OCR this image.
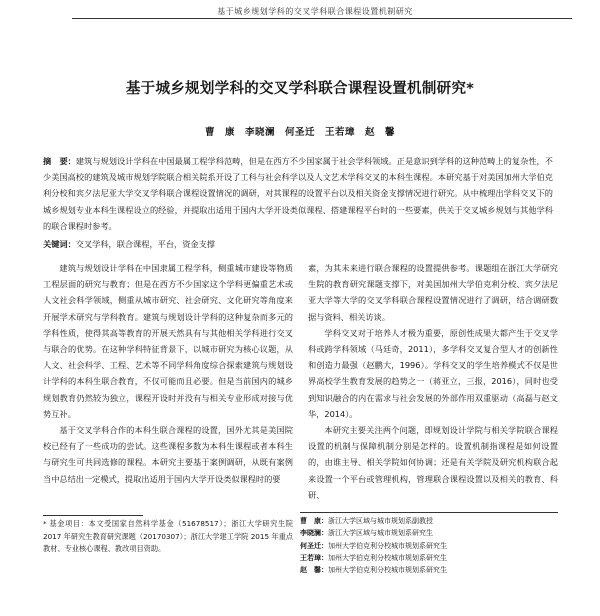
基于城乡规划学科的交叉学科联合课程设置机制研究
基于城乡规划学科的交叉学科联合课程设置机制研究*
曹　康　李晓澜　何圣迁　王若璋　赵　馨
摘　要：建筑与规划设计学科在中国最属工程学科范畴，但是在西方不少国家属于社会学科领域。正是意识到学科的这种范畴上的复杂性，不少美国高校的建筑及城市规划学院联合相关院系开设了工科与社会科学以及人文艺术学科交叉的本科生课程。本研究基于对美国加州大学伯克利分校和宾夕法尼亚大学交叉学科联合课程设置情况的调研，对其课程的设置平台以及相关资金支撑情况进行研究。从中梳理出学科交叉下的城乡规划专业本科生课程设立的经验，并提取出适用于国内大学开设类似课程、搭建课程平台时的一些要素，供关于交叉城乡规划与其他学科的联合课程时参考。
关键词：交叉学科，联合课程，平台，资金支撑

建筑与规划设计学科在中国隶属工程学科，侧重城市建设等物质工程层面的研究与教育；但是在西方不少国家这个学科更偏重艺术或人文社会科学领域，侧重从城市研究、社会研究、文化研究等角度来开展学术研究与学科教育。建筑与规划设计学科的这种复杂而多元的学科性质，使得其高等教育的开展天然具有与其他相关学科进行交叉与联合的优势。在这种学科特征背景下，以城市研究为核心议题，从人文、社会科学、工程、艺术等不同学科角度综合探索建筑与规划设计学科的本科生联合教育，不仅可能而且必要。但是当前国内的城乡规划教育仍然较为独立，课程开设时并没有与相关专业形成对接与优势互补。

基于交叉学科合作的本科生联合课程的设置，国外尤其是美国院校已经有了一些成功的尝试。这些课程多数为本科生课程或者本科生与研究生可共同选修的课程。本研究主要基于案例调研，从既有案例当中总结出一定模式，提取出适用于国内大学开设类似课程时的要

素，为其未来进行联合课程的设置提供参考。课题组在浙江大学研究生院的教育研究课题支撑下，对美国加州大学伯克利分校、宾夕法尼亚大学等大学的交叉学科联合课程设置情况进行了调研，结合调研数据与资料、相关访谈。

学科交叉对于培养人才极为重要，原创性成果大都产生于交叉学科或跨学科领域（马廷奇，2011），多学科交叉复合型人才的创新性和创造力最强（赵鹏大，1996）。学科交叉的学生培养模式不仅是世界高校学生教育发展的趋势之一（蒋亚立，三报，2016），同时也受到知识融合的内在需求与社会发展的外部作用双重驱动（高磊与赵文华，2014）。

本研究主要关注两个问题，即规划设计学院与相关学院联合课程设置的机制与保障机制分别是怎样的。设置机制指课程是如何设置的，由谁主导、相关学院如何协调；还是有关学院及研究机构联合起来设置一个平台或管理机构，管理联合课程设置以及相关的教育、科研、

* 基金项目：本文受国家自然科学基金（51678517）；浙江大学研究生院 2017 年研究生教育研究课题（20170307）；浙江大学建工学院 2015 年重点教材、专业核心课程、教改项目资助。
曹　康：浙江大学区域与城市规划系副教授
李晓澜：浙江大学区域与城市规划系研究生
何圣迁：加州大学伯克利分校城市规划系研究生
王若璋：加州大学伯克利分校城市规划系研究生
赵　馨：加州大学伯克利分校城市规划系研究生
